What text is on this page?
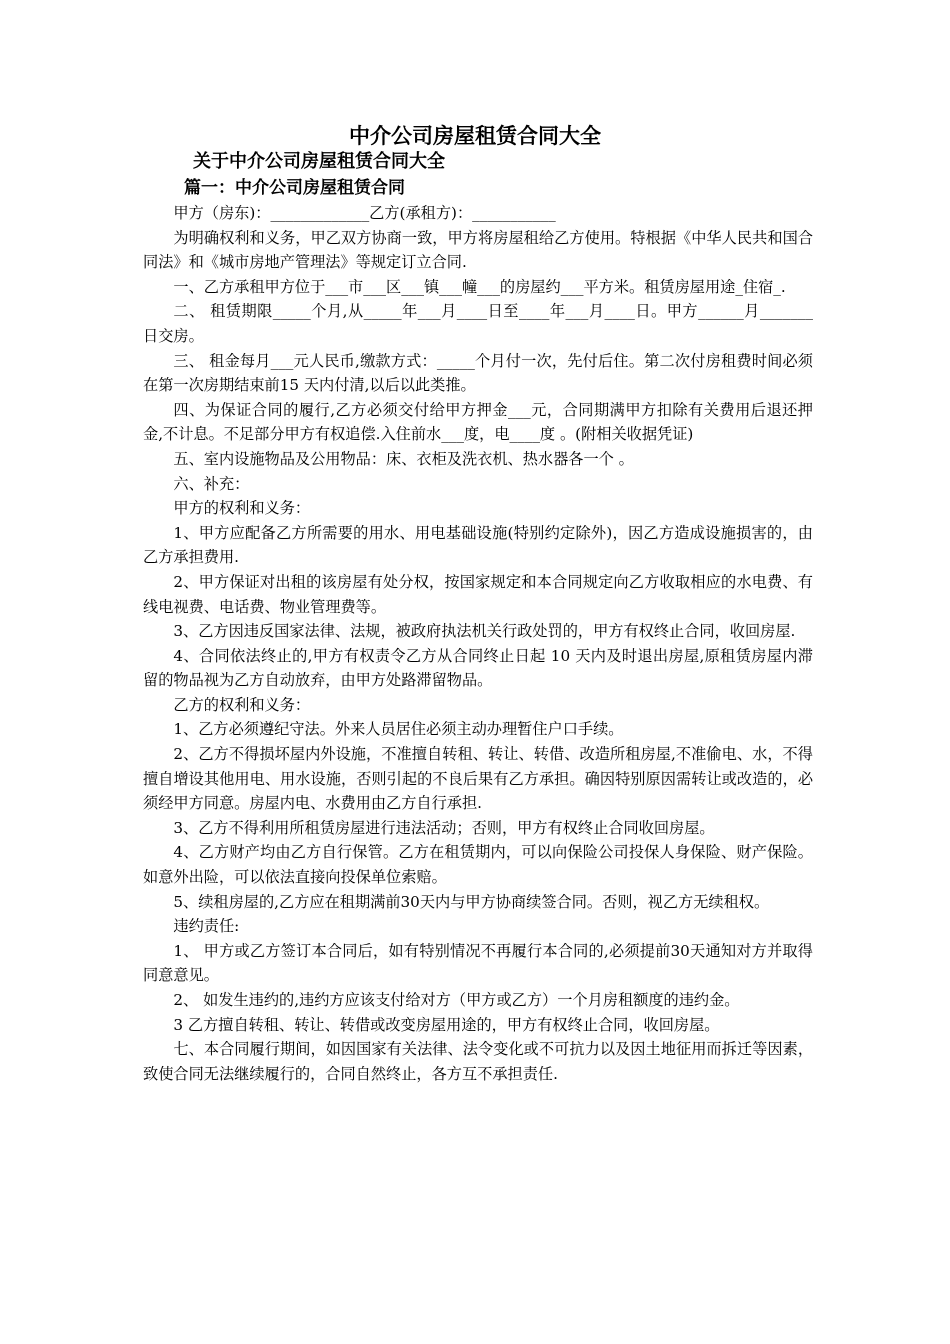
中介公司房屋租赁合同大全
关于中介公司房屋租赁合同大全
篇一：中介公司房屋租赁合同

甲方（房东)：_____________乙方(承租方)：___________

为明确权利和义务，甲乙双方协商一致，甲方将房屋租给乙方使用。特根据《中华人民共和国合同法》和《城市房地产管理法》等规定订立合同.

一、乙方承租甲方位于___市___区___镇___幢___的房屋约___平方米。租赁房屋用途_住宿_.

二、 租赁期限_____个月,从_____年___月____日至____年___月____日。甲方______月_______日交房。

三、 租金每月___元人民币,缴款方式：_____个月付一次，先付后住。第二次付房租费时间必须在第一次房期结束前15 天内付清,以后以此类推。

四、为保证合同的履行,乙方必须交付给甲方押金___元，合同期满甲方扣除有关费用后退还押金,不计息。不足部分甲方有权追偿.入住前水___度，电____度 。(附相关收据凭证)

五、室内设施物品及公用物品：床、衣柜及洗衣机、热水器各一个 。

六、补充：

甲方的权利和义务：

1、甲方应配备乙方所需要的用水、用电基础设施(特别约定除外)，因乙方造成设施损害的，由乙方承担费用.

2、甲方保证对出租的该房屋有处分权，按国家规定和本合同规定向乙方收取相应的水电费、有线电视费、电话费、物业管理费等。

3、乙方因违反国家法律、法规，被政府执法机关行政处罚的，甲方有权终止合同，收回房屋.

4、合同依法终止的,甲方有权责令乙方从合同终止日起 10 天内及时退出房屋,原租赁房屋内滞留的物品视为乙方自动放弃，由甲方处路滞留物品。

乙方的权利和义务：

1、乙方必须遵纪守法。外来人员居住必须主动办理暂住户口手续。

2、乙方不得损坏屋内外设施，不准擅自转租、转让、转借、改造所租房屋,不准偷电、水，不得擅自增设其他用电、用水设施，否则引起的不良后果有乙方承担。确因特别原因需转让或改造的，必须经甲方同意。房屋内电、水费用由乙方自行承担.

3、乙方不得利用所租赁房屋进行违法活动；否则，甲方有权终止合同收回房屋。

4、乙方财产均由乙方自行保管。乙方在租赁期内，可以向保险公司投保人身保险、财产保险。如意外出险，可以依法直接向投保单位索赔。

5、续租房屋的,乙方应在租期满前30天内与甲方协商续签合同。否则，视乙方无续租权。

违约责任:

1、 甲方或乙方签订本合同后，如有特别情况不再履行本合同的,必须提前30天通知对方并取得同意意见。

2、 如发生违约的,违约方应该支付给对方（甲方或乙方）一个月房租额度的违约金。

3 乙方擅自转租、转让、转借或改变房屋用途的，甲方有权终止合同，收回房屋。

七、本合同履行期间，如因国家有关法律、法令变化或不可抗力以及因土地征用而拆迁等因素，致使合同无法继续履行的，合同自然终止，各方互不承担责任.
